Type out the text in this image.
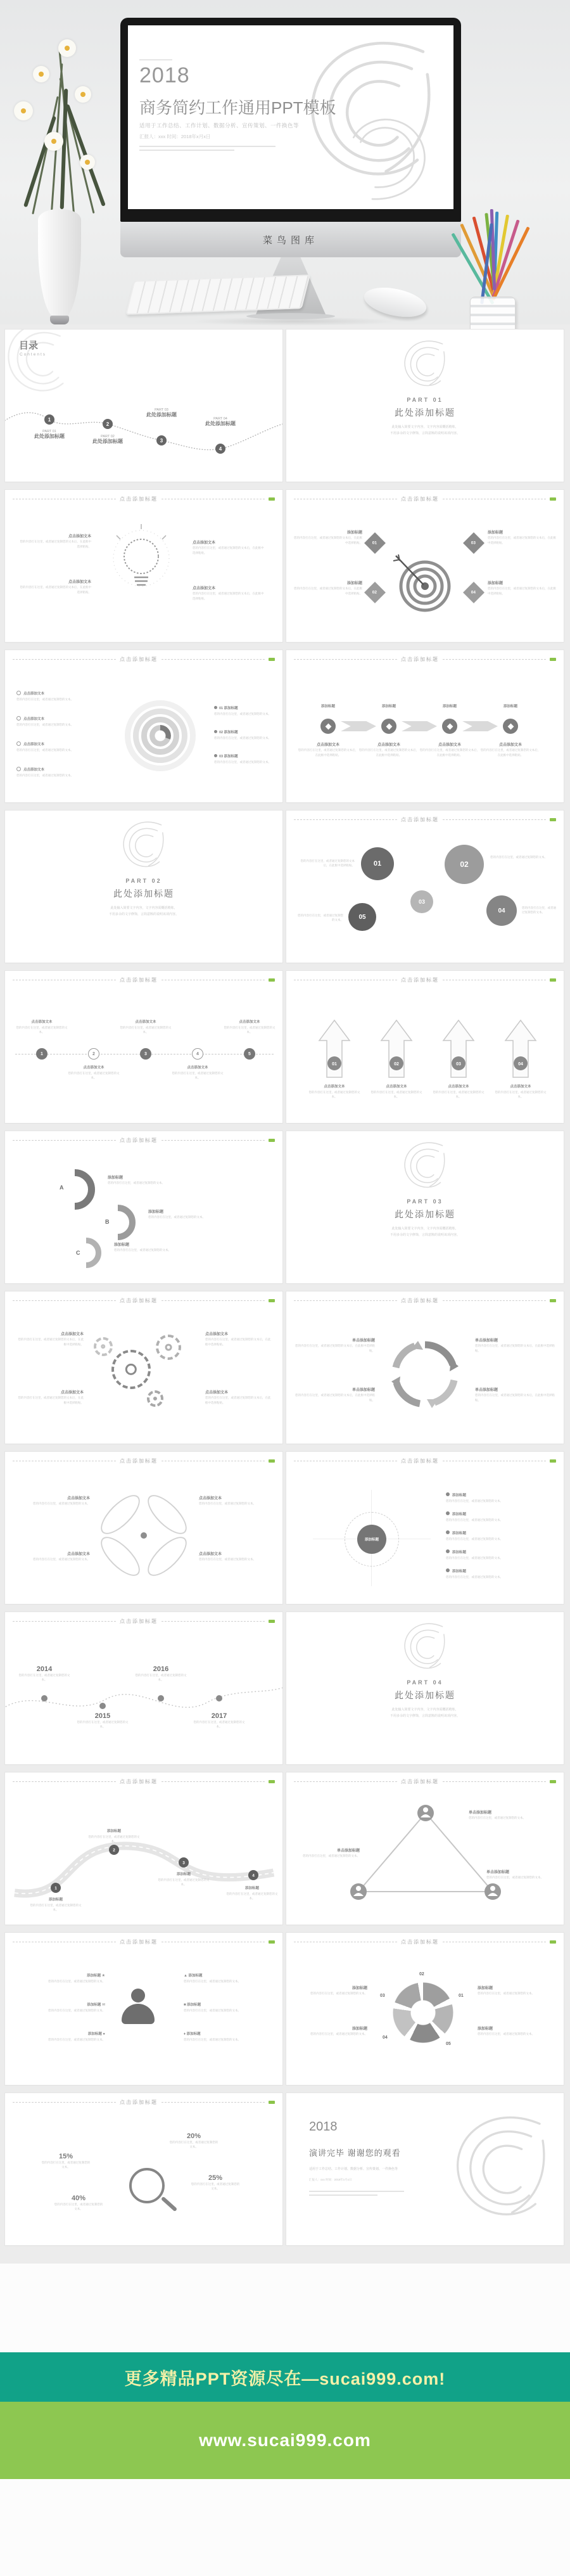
2018
商务简约工作通用PPT模板
适用于工作总结、工作计划、数据分析、宣传策划、一件换色等
汇报人：xxx 时间：2018年x月x日
菜鸟图库
目录
Contents
1
2
3
4
PART 01
此处添加标题	PART 02
此处添加标题
PART 03
此处添加标题
PART 04
此处添加标题
PART 01
此处添加标题
此处输入简要文字内容，文字内容需概括精炼，
不用多余的文字修饰，言简意赅的说明该项内容。
点击添加标题
点击添加文本
您的内容打在这里，或者通过复制您的文本后，在此框中选择粘贴。
点击添加文本
您的内容打在这里，或者通过复制您的文本后，在此框中选择粘贴。
点击添加文本
您的内容打在这里，或者通过复制您的文本后，在此框中选择粘贴。
点击添加文本
您的内容打在这里，或者通过复制您的文本后，在此框中选择粘贴。
点击添加标题
01
02
03
04
添加标题
您的内容打在这里，或者通过复制您的文本后，在此框中选择粘贴。
添加标题
您的内容打在这里，或者通过复制您的文本后，在此框中选择粘贴。
添加标题
您的内容打在这里，或者通过复制您的文本后，在此框中选择粘贴。
添加标题
您的内容打在这里，或者通过复制您的文本后，在此框中选择粘贴。
点击添加标题
点击添加文本
您的内容打在这里，或者通过复制您的文本。
点击添加文本
您的内容打在这里，或者通过复制您的文本。
点击添加文本
您的内容打在这里，或者通过复制您的文本。
点击添加文本
您的内容打在这里，或者通过复制您的文本。
01 添加标题
您的内容打在这里，或者通过复制您的文本。
02 添加标题
您的内容打在这里，或者通过复制您的文本。
03 添加标题
您的内容打在这里，或者通过复制您的文本。
点击添加标题
添加标题	添加标题	添加标题	添加标题
点击添加文本
您的内容打在这里，或者通过复制您的文本后，在此框中选择粘贴。
点击添加文本
您的内容打在这里，或者通过复制您的文本后，在此框中选择粘贴。
点击添加文本
您的内容打在这里，或者通过复制您的文本后，在此框中选择粘贴。
点击添加文本
您的内容打在这里，或者通过复制您的文本后，在此框中选择粘贴。
PART 02
此处添加标题
此处输入简要文字内容，文字内容需概括精炼，
不用多余的文字修饰，言简意赅的说明该项内容。
点击添加标题
01	02
03
04
05
您的内容打在这里，或者通过复制您的文本后，在此框中选择粘贴。
您的内容打在这里，或者通过复制您的文本。
您的内容打在这里，或者通过复制您的文本。
您的内容打在这里，或者通过复制您的文本。
点击添加标题
1	2	3	4	5
点击添加文本
您的内容打在这里，或者通过复制您的文本。
点击添加文本
您的内容打在这里，或者通过复制您的文本。
点击添加文本
您的内容打在这里，或者通过复制您的文本。
点击添加文本
您的内容打在这里，或者通过复制您的文本。
点击添加文本
您的内容打在这里，或者通过复制您的文本。
点击添加标题
01	02	03	04
点击添加文本
您的内容打在这里，或者通过复制您的文本。
点击添加文本
您的内容打在这里，或者通过复制您的文本。
点击添加文本
您的内容打在这里，或者通过复制您的文本。
点击添加文本
您的内容打在这里，或者通过复制您的文本。
点击添加标题
A
添加标题
您的内容打在这里，或者通过复制您的文本。
B
添加标题
您的内容打在这里，或者通过复制您的文本。
C
添加标题
您的内容打在这里，或者通过复制您的文本。
PART 03
此处添加标题
此处输入简要文字内容，文字内容需概括精炼，
不用多余的文字修饰，言简意赅的说明该项内容。
点击添加标题
点击添加文本
您的内容打在这里，或者通过复制您的文本后，在此框中选择粘贴。
点击添加文本
您的内容打在这里，或者通过复制您的文本后，在此框中选择粘贴。
点击添加文本
您的内容打在这里，或者通过复制您的文本后，在此框中选择粘贴。
点击添加文本
您的内容打在这里，或者通过复制您的文本后，在此框中选择粘贴。
点击添加标题
单击添加标题
您的内容打在这里，或者通过复制您的文本后，在此框中选择粘贴。
单击添加标题
您的内容打在这里，或者通过复制您的文本后，在此框中选择粘贴。
单击添加标题
您的内容打在这里，或者通过复制您的文本后，在此框中选择粘贴。
单击添加标题
您的内容打在这里，或者通过复制您的文本后，在此框中选择粘贴。
点击添加标题
点击添加文本
您的内容打在这里，或者通过复制您的文本。
点击添加文本
您的内容打在这里，或者通过复制您的文本。
点击添加文本
您的内容打在这里，或者通过复制您的文本。
点击添加文本
您的内容打在这里，或者通过复制您的文本。
点击添加标题
添加标题
添加标题
您的内容打在这里，或者通过复制您的文本。
添加标题
您的内容打在这里，或者通过复制您的文本。
添加标题
您的内容打在这里，或者通过复制您的文本。
添加标题
您的内容打在这里，或者通过复制您的文本。
添加标题
您的内容打在这里，或者通过复制您的文本。
点击添加标题
2014
您的内容打在这里，或者通过复制您的文本。
2015
您的内容打在这里，或者通过复制您的文本。
2016
您的内容打在这里，或者通过复制您的文本。
2017
您的内容打在这里，或者通过复制您的文本。
PART 04
此处添加标题
此处输入简要文字内容，文字内容需概括精炼，
不用多余的文字修饰，言简意赅的说明该项内容。
点击添加标题
1
2
3
4
添加标题
您的内容打在这里，或者通过复制您的文本。
添加标题
您的内容打在这里，或者通过复制您的文本。
添加标题
您的内容打在这里，或者通过复制您的文本。
添加标题
您的内容打在这里，或者通过复制您的文本。
点击添加标题
单击添加标题
您的内容打在这里，或者通过复制您的文本。
单击添加标题
您的内容打在这里，或者通过复制您的文本。
单击添加标题
您的内容打在这里，或者通过复制您的文本。
点击添加标题
添加标题 ★
您的内容打在这里，或者通过复制您的文本。
添加标题 ✉
您的内容打在这里，或者通过复制您的文本。
添加标题 ●
您的内容打在这里，或者通过复制您的文本。
▲ 添加标题
您的内容打在这里，或者通过复制您的文本。
■ 添加标题
您的内容打在这里，或者通过复制您的文本。
♦ 添加标题
您的内容打在这里，或者通过复制您的文本。
点击添加标题
01
02
03
04
05
添加标题
您的内容打在这里，或者通过复制您的文本。
添加标题
您的内容打在这里，或者通过复制您的文本。
添加标题
您的内容打在这里，或者通过复制您的文本。
添加标题
您的内容打在这里，或者通过复制您的文本。
点击添加标题
20%
您的内容打在这里，或者通过复制您的文本。
15%
您的内容打在这里，或者通过复制您的文本。
25%
您的内容打在这里，或者通过复制您的文本。
40%
您的内容打在这里，或者通过复制您的文本。
2018
演讲完毕 谢谢您的观看
适用于工作总结、工作计划、数据分析、宣传策划、一件换色等
汇报人：xxx 时间：2018年x月x日
更多精品PPT资源尽在—sucai999.com!
www.sucai999.com
